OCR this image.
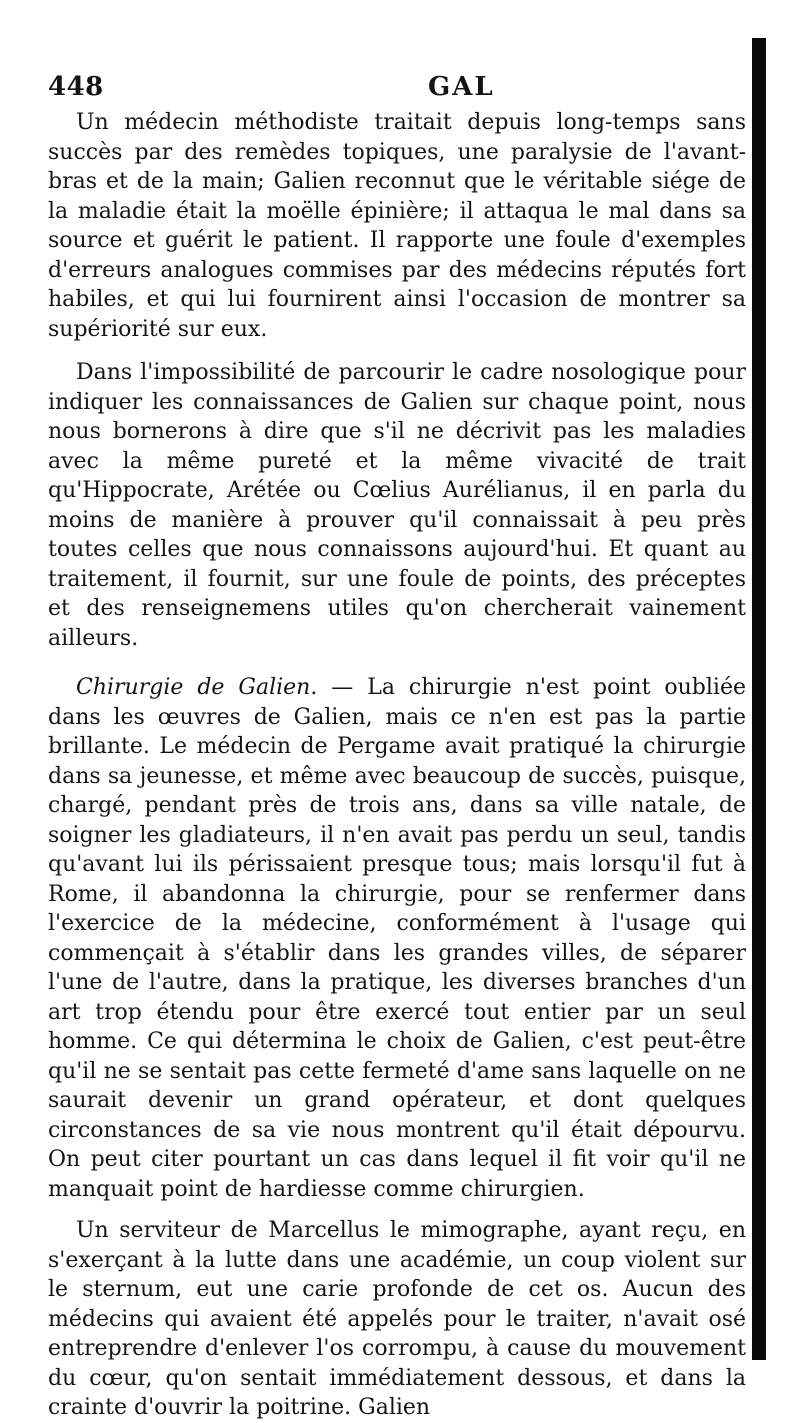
448	GAL

Un médecin méthodiste traitait depuis long-temps sans succès par des remèdes topiques, une paralysie de l'avant-bras et de la main; Galien reconnut que le véritable siége de la maladie était la moëlle épinière; il attaqua le mal dans sa source et guérit le patient. Il rapporte une foule d'exemples d'erreurs analogues commises par des médecins réputés fort habiles, et qui lui fournirent ainsi l'occasion de montrer sa supériorité sur eux.

Dans l'impossibilité de parcourir le cadre nosologique pour indiquer les connaissances de Galien sur chaque point, nous nous bornerons à dire que s'il ne décrivit pas les maladies avec la même pureté et la même vivacité de trait qu'Hippocrate, Arétée ou Cœlius Aurélianus, il en parla du moins de manière à prouver qu'il connaissait à peu près toutes celles que nous connaissons aujourd'hui. Et quant au traitement, il fournit, sur une foule de points, des préceptes et des renseignemens utiles qu'on chercherait vainement ailleurs.

Chirurgie de Galien. — La chirurgie n'est point oubliée dans les œuvres de Galien, mais ce n'en est pas la partie brillante. Le médecin de Pergame avait pratiqué la chirurgie dans sa jeunesse, et même avec beaucoup de succès, puisque, chargé, pendant près de trois ans, dans sa ville natale, de soigner les gladiateurs, il n'en avait pas perdu un seul, tandis qu'avant lui ils périssaient presque tous; mais lorsqu'il fut à Rome, il abandonna la chirurgie, pour se renfermer dans l'exercice de la médecine, conformément à l'usage qui commençait à s'établir dans les grandes villes, de séparer l'une de l'autre, dans la pratique, les diverses branches d'un art trop étendu pour être exercé tout entier par un seul homme. Ce qui détermina le choix de Galien, c'est peut-être qu'il ne se sentait pas cette fermeté d'ame sans laquelle on ne saurait devenir un grand opérateur, et dont quelques circonstances de sa vie nous montrent qu'il était dépourvu. On peut citer pourtant un cas dans lequel il fit voir qu'il ne manquait point de hardiesse comme chirurgien.

Un serviteur de Marcellus le mimographe, ayant reçu, en s'exerçant à la lutte dans une académie, un coup violent sur le sternum, eut une carie profonde de cet os. Aucun des médecins qui avaient été appelés pour le traiter, n'avait osé entreprendre d'enlever l'os corrompu, à cause du mouvement du cœur, qu'on sentait immédiatement dessous, et dans la crainte d'ouvrir la poitrine. Galien
